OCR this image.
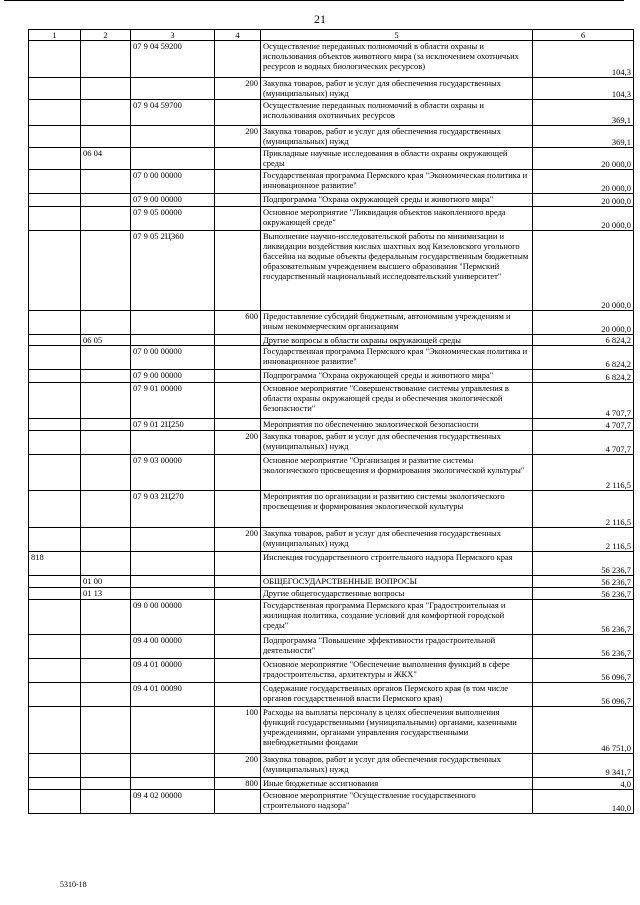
21
1	2	3	4	5	6
		07 9 04 59200		Осуществление переданных полномочий в области охраны и использования объектов животного мира (за исключением охотничьих ресурсов и водных биологических ресурсов)	104,3
			200	Закупка товаров, работ и услуг для обеспечения государственных (муниципальных) нужд	104,3
		07 9 04 59700		Осуществление переданных полномочий в области охраны и использования охотничьих ресурсов	369,1
			200	Закупка товаров, работ и услуг для обеспечения государственных (муниципальных) нужд	369,1
	06 04			Прикладные научные исследования в области охраны окружающей среды	20 000,0
		07 0 00 00000		Государственная программа Пермского края "Экономическая политика и инновационное развитие"	20 000,0
		07 9 00 00000		Подпрограмма "Охрана окружающей среды и животного мира"	20 000,0
		07 9 05 00000		Основное мероприятие "Ликвидация объектов накопленного вреда окружающей среде"	20 000,0
		07 9 05 2Ц360		Выполнение научно-исследовательской работы по минимизации и ликвидации воздействия кислых шахтных вод Кизеловского угольного бассейна на водные объекты федеральным государственным бюджетным образовательным учреждением высшего образования "Пермский государственный национальный исследовательский университет"	20 000,0
			600	Предоставление субсидий бюджетным, автономным учреждениям и иным некоммерческим организациям	20 000,0
	06 05			Другие вопросы в области охраны окружающей среды	6 824,2
		07 0 00 00000		Государственная программа Пермского края "Экономическая политика и инновационное развитие"	6 824,2
		07 9 00 00000		Подпрограмма "Охрана окружающей среды и животного мира"	6 824,2
		07 9 01 00000		Основное мероприятие "Совершенствование системы управления в области охраны окружающей среды и обеспечения экологической безопасности"	4 707,7
		07 9 01 2Ц250		Мероприятия по обеспечению экологической безопасности	4 707,7
			200	Закупка товаров, работ и услуг для обеспечения государственных (муниципальных) нужд	4 707,7
		07 9 03 00000		Основное мероприятие "Организация и развитие системы экологического просвещения и формирования экологической культуры"	2 116,5
		07 9 03 2Ц270		Мероприятия по организации и развитию системы экологического просвещения и формирования экологической культуры	2 116,5
			200	Закупка товаров, работ и услуг для обеспечения государственных (муниципальных) нужд	2 116,5
818				Инспекция государственного строительного надзора Пермского края	56 236,7
	01 00			ОБЩЕГОСУДАРСТВЕННЫЕ ВОПРОСЫ	56 236,7
	01 13			Другие общегосударственные вопросы	56 236,7
		09 0 00 00000		Государственная программа Пермского края "Градостроительная и жилищная политика, создание условий для комфортной городской среды"	56 236,7
		09 4 00 00000		Подпрограмма "Повышение эффективности градостроительной деятельности"	56 236,7
		09 4 01 00000		Основное мероприятие "Обеспечение выполнения функций в сфере градостроительства, архитектуры и ЖКХ"	56 096,7
		09 4 01 00090		Содержание государственных органов Пермского края (в том числе органов государственной власти Пермского края)	56 096,7
			100	Расходы на выплаты персоналу в целях обеспечения выполнения функций государственными (муниципальными) органами, казенными учреждениями, органами управления государственными внебюджетными фондами	46 751,0
			200	Закупка товаров, работ и услуг для обеспечения государственных (муниципальных) нужд	9 341,7
			800	Иные бюджетные ассигнования	4,0
		09 4 02 00000		Основное мероприятие "Осуществление государственного строительного надзора"	140,0
5310-18
